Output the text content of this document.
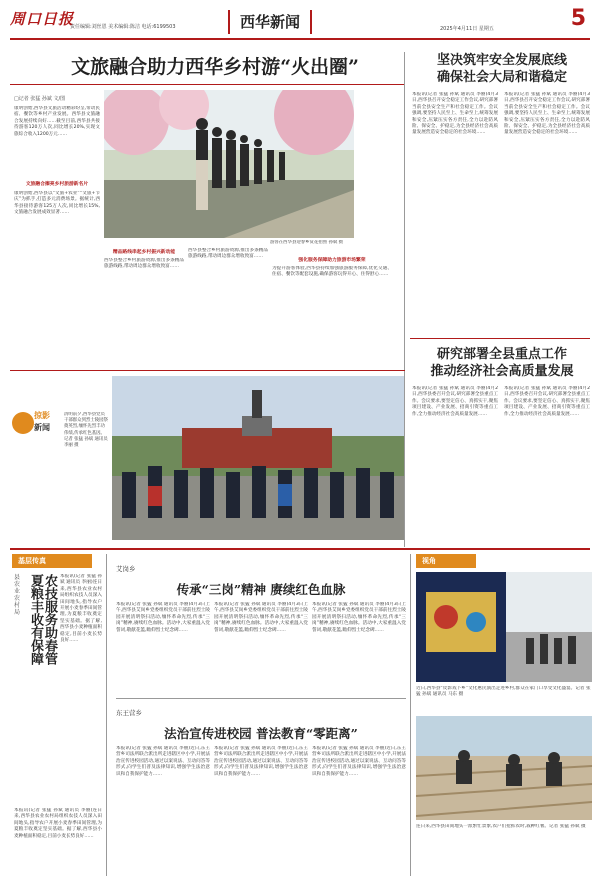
周口日报
责任编辑:刘丝恩 美术编辑:陈洁 电话:6199503	西华新闻	2025年4月11日 星期五	5
文旅融合助力西华乡村游“火出圈”
□记者 张猛 孙斌 文/图
康明创始,西华县文旅活动精彩纷呈,带动民宿、餐饮等乡村产业发展。西华县文旅融合发展持续向好……截至目前,西华县共接待游客120万人次,同比增长20%,实现文旅综合收入1200万元……
文旅融合擦亮乡村旅游新名片
康明创始,西华县以“文旅+农业”“文旅+节庆”为抓手,打造多元消费场景。据统计,西华县接待游客125万人次,同比增长15%,文旅融合发展成效显著……
游客在西华县迎春乡赏花拍照 孙斌 摄
精品路线串起乡村振兴新动能
西华县整合乡村旅游资源,推出多条精品旅游线路,带动周边群众增收致富……
西华县整合乡村旅游资源,推出多条精品旅游线路,带动周边群众增收致富……
强化服务保障助力旅游市场繁荣
为提升游客体验,西华县持续加强旅游服务保障,优化交通、住宿、餐饮等配套设施,确保游客玩得开心、住得舒心……
坚决筑牢安全发展底线
确保社会大局和谐稳定
本报讯(记者 张猛 孙斌 通讯员 李丽)4月3日,西华县召开安全稳定工作会议,研究部署当前全县安全生产和社会稳定工作。会议强调,要坚持人民至上、生命至上,统筹发展和安全,压紧压实各方责任,全力以赴防风险、保安全、护稳定,为全县经济社会高质量发展营造安全稳定的社会环境……
本报讯(记者 张猛 孙斌 通讯员 李丽)4月3日,西华县召开安全稳定工作会议,研究部署当前全县安全生产和社会稳定工作。会议强调,要坚持人民至上、生命至上,统筹发展和安全,压紧压实各方责任,全力以赴防风险、保安全、护稳定,为全县经济社会高质量发展营造安全稳定的社会环境……
研究部署全县重点工作
推动经济社会高质量发展
本报讯(记者 张猛 孙斌 通讯员 李丽)4月2日,西华县委召开会议,研究部署全县重点工作。会议要求,要坚定信心、真抓实干,聚焦项目建设、产业发展、招商引资等重点工作,全力推动经济社会高质量发展……
本报讯(记者 张猛 孙斌 通讯员 李丽)4月2日,西华县委召开会议,研究部署全县重点工作。会议要求,要坚定信心、真抓实干,聚焦项目建设、产业发展、招商引资等重点工作,全力推动经济社会高质量发展……
掠影
新闻
清明前夕,西华县党员干部群众到烈士陵园祭奠英烈,缅怀先烈丰功伟绩,传承红色基因。记者 张猛 孙斌 通讯员 李丽 摄
基层传真
县农业农村局	农技服务助春管
夏粮丰收有保障	本报讯(记者 张猛 孙斌 通讯员 李丽)连日来,西华县农业农村局组织农技人员深入田间地头,指导农户开展小麦春季田间管理,为夏粮丰收奠定坚实基础。据了解,西华县小麦种植面积稳定,目前小麦长势良好……
本报讯(记者 张猛 孙斌 通讯员 李丽)连日来,西华县农业农村局组织农技人员深入田间地头,指导农户开展小麦春季田间管理,为夏粮丰收奠定坚实基础。据了解,西华县小麦种植面积稳定,目前小麦长势良好……
艾岗乡
传承“三岗”精神 赓续红色血脉
本报讯(记者 张猛 孙斌 通讯员 李丽)4月3日上午,西华县艾岗乡党委组织党员干部前往烈士陵园开展清明祭扫活动,缅怀革命先烈,传承“三岗”精神,赓续红色血脉。活动中,大家重温入党誓词,敬献花篮,瞻仰烈士纪念碑……
本报讯(记者 张猛 孙斌 通讯员 李丽)4月3日上午,西华县艾岗乡党委组织党员干部前往烈士陵园开展清明祭扫活动,缅怀革命先烈,传承“三岗”精神,赓续红色血脉。活动中,大家重温入党誓词,敬献花篮,瞻仰烈士纪念碑……
本报讯(记者 张猛 孙斌 通讯员 李丽)4月3日上午,西华县艾岗乡党委组织党员干部前往烈士陵园开展清明祭扫活动,缅怀革命先烈,传承“三岗”精神,赓续红色血脉。活动中,大家重温入党誓词,敬献花篮,瞻仰烈士纪念碑……
东王营乡
法治宣传进校园 普法教育“零距离”
本报讯(记者 张猛 孙斌 通讯员 李丽)近日,东王营乡司法所联合派出所走进辖区中小学,开展法治宣传进校园活动,通过以案说法、互动问答等形式,向学生们普及法律知识,增强学生法治意识和自我保护能力……
本报讯(记者 张猛 孙斌 通讯员 李丽)近日,东王营乡司法所联合派出所走进辖区中小学,开展法治宣传进校园活动,通过以案说法、互动问答等形式,向学生们普及法律知识,增强学生法治意识和自我保护能力……
本报讯(记者 张猛 孙斌 通讯员 李丽)近日,东王营乡司法所联合派出所走进辖区中小学,开展法治宣传进校园活动,通过以案说法、互动问答等形式,向学生们普及法律知识,增强学生法治意识和自我保护能力……
视角
近日,西华县“皮影戏下乡”文化惠民演出走进乡村,群众在家门口享受文化盛宴。记者 张猛 孙斌 通讯员 马东 摄
连日来,西华县田间地头一派繁忙景象,农户们抢抓农时,栽种红薯。记者 张猛 孙斌 摄
